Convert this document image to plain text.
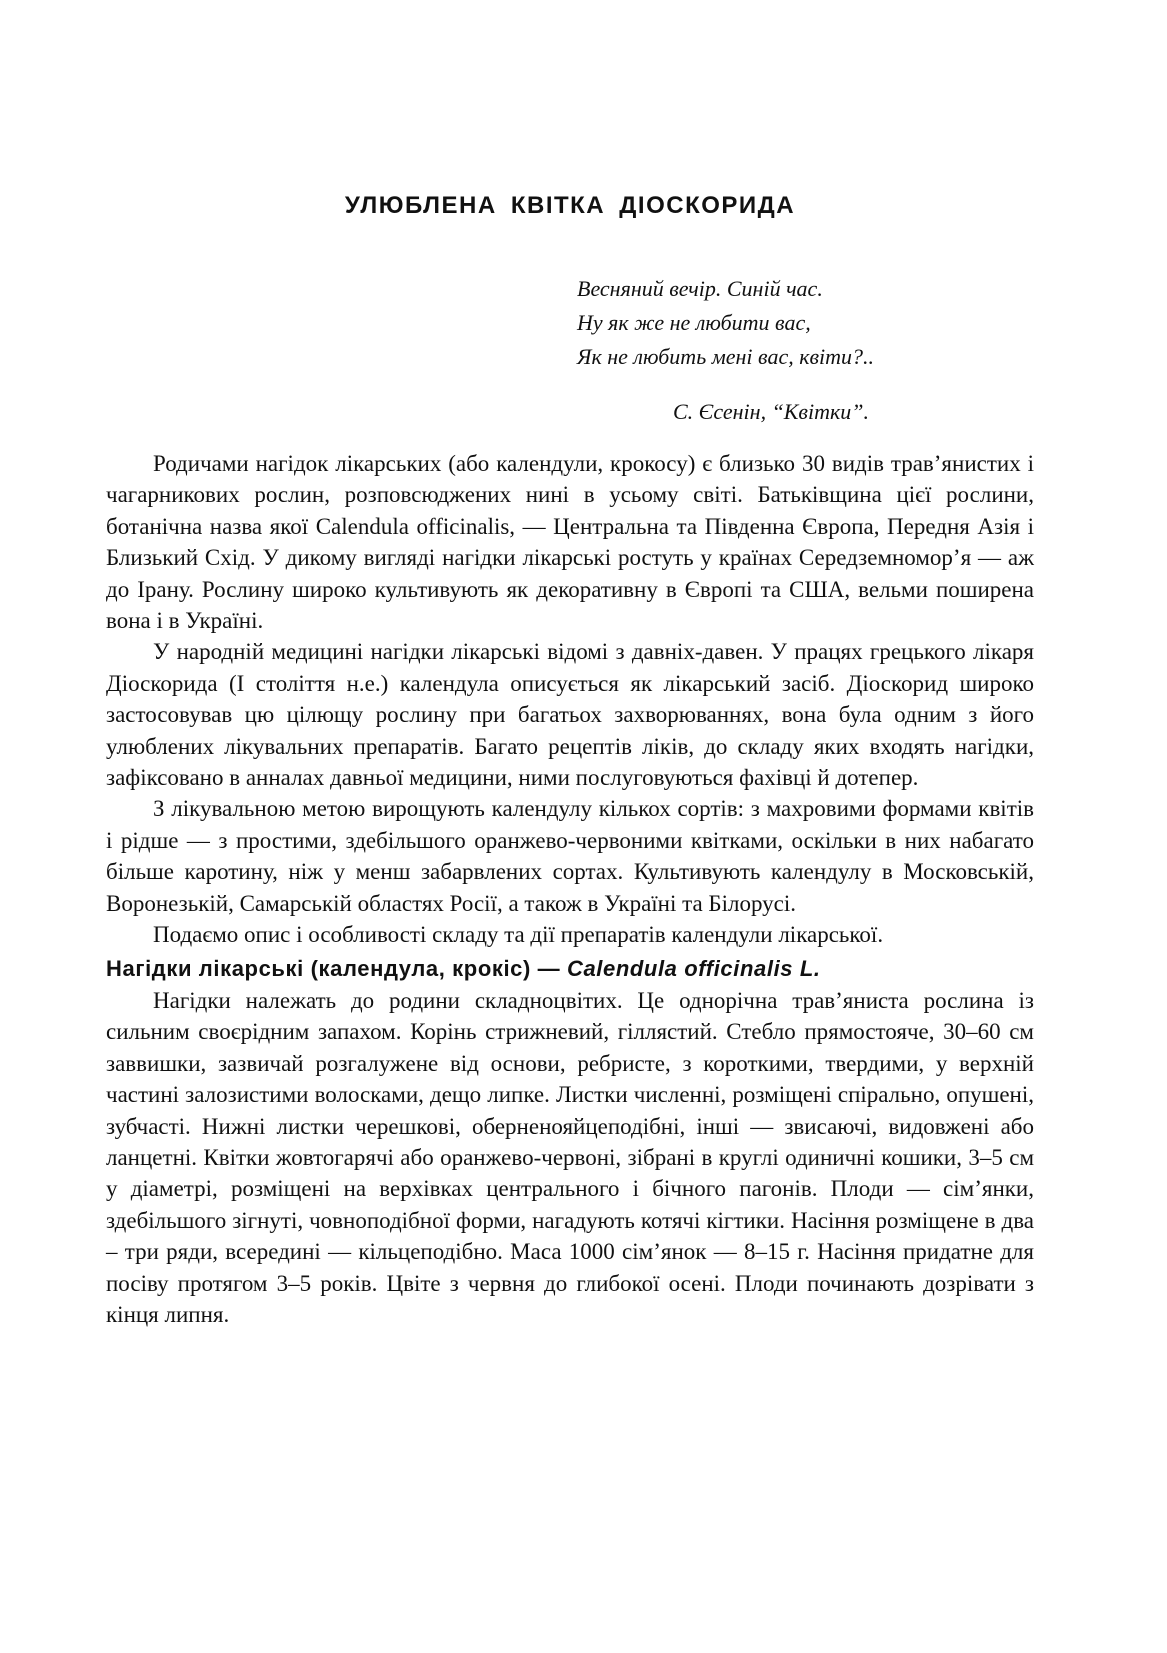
УЛЮБЛЕНА КВІТКА ДІОСКОРИДА

Весняний вечір. Синій час.

Ну як же не любити вас,

Як не любить мені вас, квіти?..

С. Єсенін, “Квітки”.

Родичами нагідок лікарських (або календули, крокосу) є близько 30 видів трав’янистих і чагарникових рослин, розповсюджених нині в усьому світі. Батьківщина цієї рослини, ботанічна назва якої Calendula officinalis, — Центральна та Південна Європа, Передня Азія і Близький Схід. У дикому вигляді нагідки лікарські ростуть у країнах Середземномор’я — аж до Ірану. Рослину широко культивують як декоративну в Європі та США, вельми поширена вона і в Україні.

У народній медицині нагідки лікарські відомі з давніх-давен. У працях грецького лікаря Діоскорида (І століття н.е.) календула описується як лікарський засіб. Діоскорид широко застосовував цю цілющу рослину при багатьох захворюваннях, вона була одним з його улюблених лікувальних препаратів. Багато рецептів ліків, до складу яких входять нагідки, зафіксовано в анналах давньої медицини, ними послуговуються фахівці й дотепер.

З лікувальною метою вирощують календулу кількох сортів: з махровими формами квітів і рідше — з простими, здебільшого оранжево-червоними квітками, оскільки в них набагато більше каротину, ніж у менш забарвлених сортах. Культивують календулу в Московській, Воронезькій, Самарській областях Росії, а також в Україні та Білорусі.

Подаємо опис і особливості складу та дії препаратів календули лікарської.

Нагідки лікарські (календула, крокіс) — Calendula officinalis L.

Нагідки належать до родини складноцвітих. Це однорічна трав’яниста рослина із сильним своєрідним запахом. Корінь стрижневий, гіллястий. Стебло прямостояче, 30–60 см заввишки, зазвичай розгалужене від основи, ребристе, з короткими, твердими, у верхній частині залозистими волосками, дещо липке. Листки численні, розміщені спірально, опушені, зубчасті. Нижні листки черешкові, оберненояйцеподібні, інші — звисаючі, видовжені або ланцетні. Квітки жовтогарячі або оранжево-червоні, зібрані в круглі одиничні кошики, 3–5 см у діаметрі, розміщені на верхівках центрального і бічного пагонів. Плоди — сім’янки, здебільшого зігнуті, човноподібної форми, нагадують котячі кігтики. Насіння розміщене в два – три ряди, всередині — кільцеподібно. Маса 1000 сім’янок — 8–15 г. Насіння придатне для посіву протягом 3–5 років. Цвіте з червня до глибокої осені. Плоди починають дозрівати з кінця липня.
